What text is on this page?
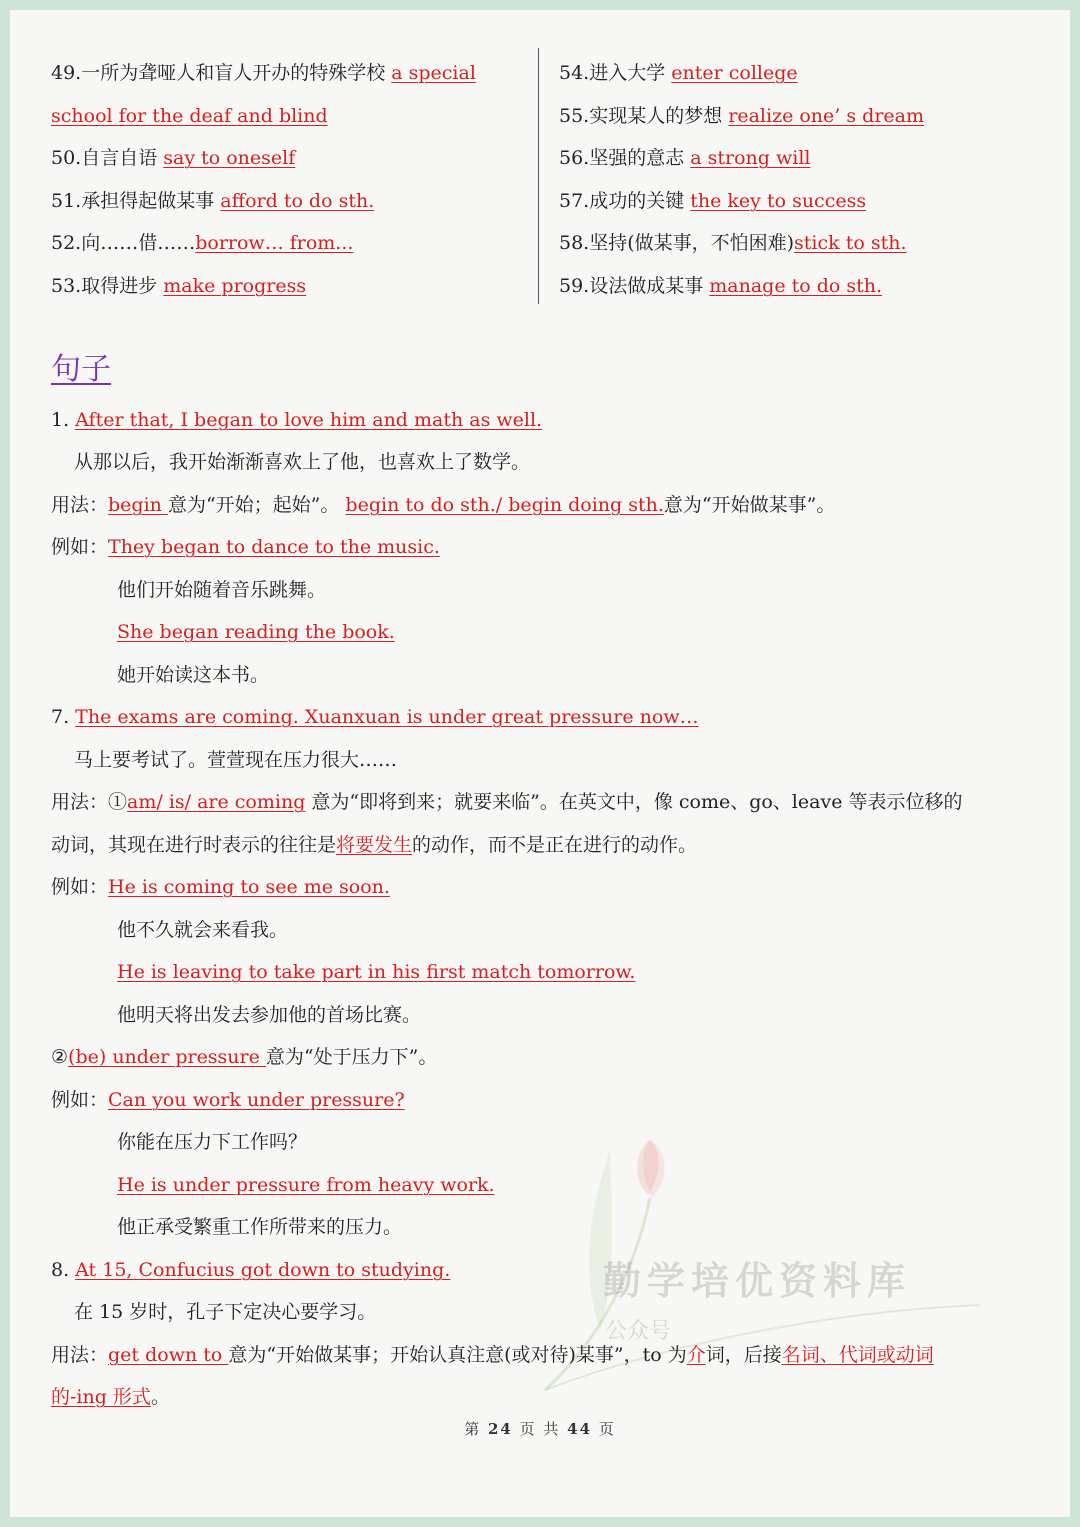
49.一所为聋哑人和盲人开办的特殊学校 a special
school for the deaf and blind
50.自言自语 say to oneself
51.承担得起做某事 afford to do sth.
52.向……借……borrow… from...
53.取得进步 make progress
54.进入大学 enter college
55.实现某人的梦想 realize one’ s dream
56.坚强的意志 a strong will
57.成功的关键 the key to success
58.坚持(做某事，不怕困难)stick to sth.
59.设法做成某事 manage to do sth.
句子
1. After that, I began to love him and math as well.
从那以后，我开始渐渐喜欢上了他，也喜欢上了数学。
用法：begin 意为“开始；起始”。 begin to do sth./ begin doing sth.意为“开始做某事”。
例如：They began to dance to the music.
他们开始随着音乐跳舞。
She began reading the book.
她开始读这本书。
7. The exams are coming. Xuanxuan is under great pressure now…
马上要考试了。萱萱现在压力很大……
用法：①am/ is/ are coming 意为“即将到来；就要来临”。在英文中，像 come、go、leave 等表示位移的
动词，其现在进行时表示的往往是将要发生的动作，而不是正在进行的动作。
例如：He is coming to see me soon.
他不久就会来看我。
He is leaving to take part in his first match tomorrow.
他明天将出发去参加他的首场比赛。
②(be) under pressure 意为“处于压力下”。
例如：Can you work under pressure?
你能在压力下工作吗？
He is under pressure from heavy work.
他正承受繁重工作所带来的压力。
勤学培优资料库
公众号
8. At 15, Confucius got down to studying.
在 15 岁时，孔子下定决心要学习。
用法：get down to 意为“开始做某事；开始认真注意(或对待)某事”，to 为介词，后接名词、代词或动词
的-ing 形式。
第 24 页 共 44 页
